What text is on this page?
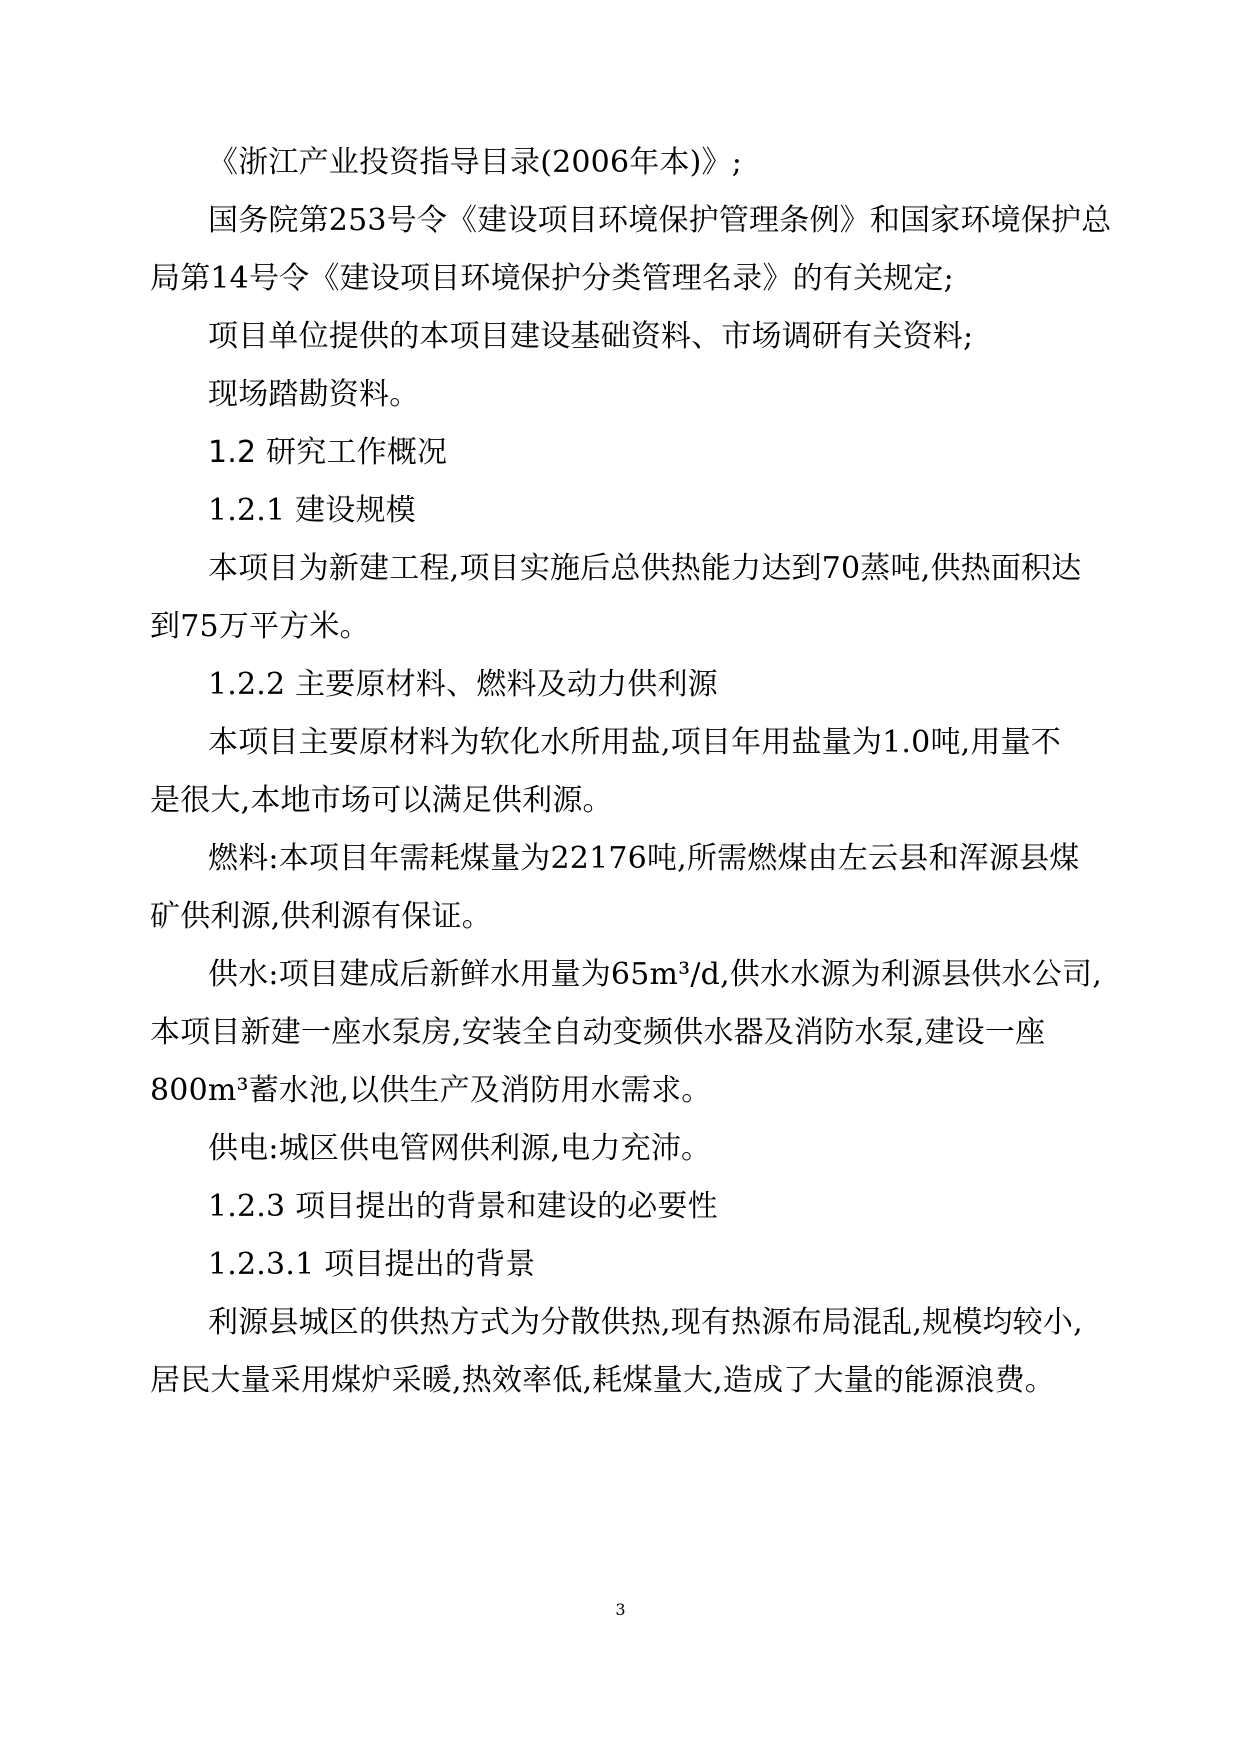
《浙江产业投资指导目录(2006年本)》;
国务院第253号令《建设项目环境保护管理条例》和国家环境保护总
局第14号令《建设项目环境保护分类管理名录》的有关规定;
项目单位提供的本项目建设基础资料、市场调研有关资料;
现场踏勘资料。
1.2 研究工作概况
1.2.1 建设规模
本项目为新建工程,项目实施后总供热能力达到70蒸吨,供热面积达
到75万平方米。
1.2.2 主要原材料、燃料及动力供利源
本项目主要原材料为软化水所用盐,项目年用盐量为1.0吨,用量不
是很大,本地市场可以满足供利源。
燃料:本项目年需耗煤量为22176吨,所需燃煤由左云县和浑源县煤
矿供利源,供利源有保证。
供水:项目建成后新鲜水用量为65m³/d,供水水源为利源县供水公司,
本项目新建一座水泵房,安装全自动变频供水器及消防水泵,建设一座
800m³蓄水池,以供生产及消防用水需求。
供电:城区供电管网供利源,电力充沛。
1.2.3 项目提出的背景和建设的必要性
1.2.3.1 项目提出的背景
利源县城区的供热方式为分散供热,现有热源布局混乱,规模均较小,
居民大量采用煤炉采暖,热效率低,耗煤量大,造成了大量的能源浪费。
3
